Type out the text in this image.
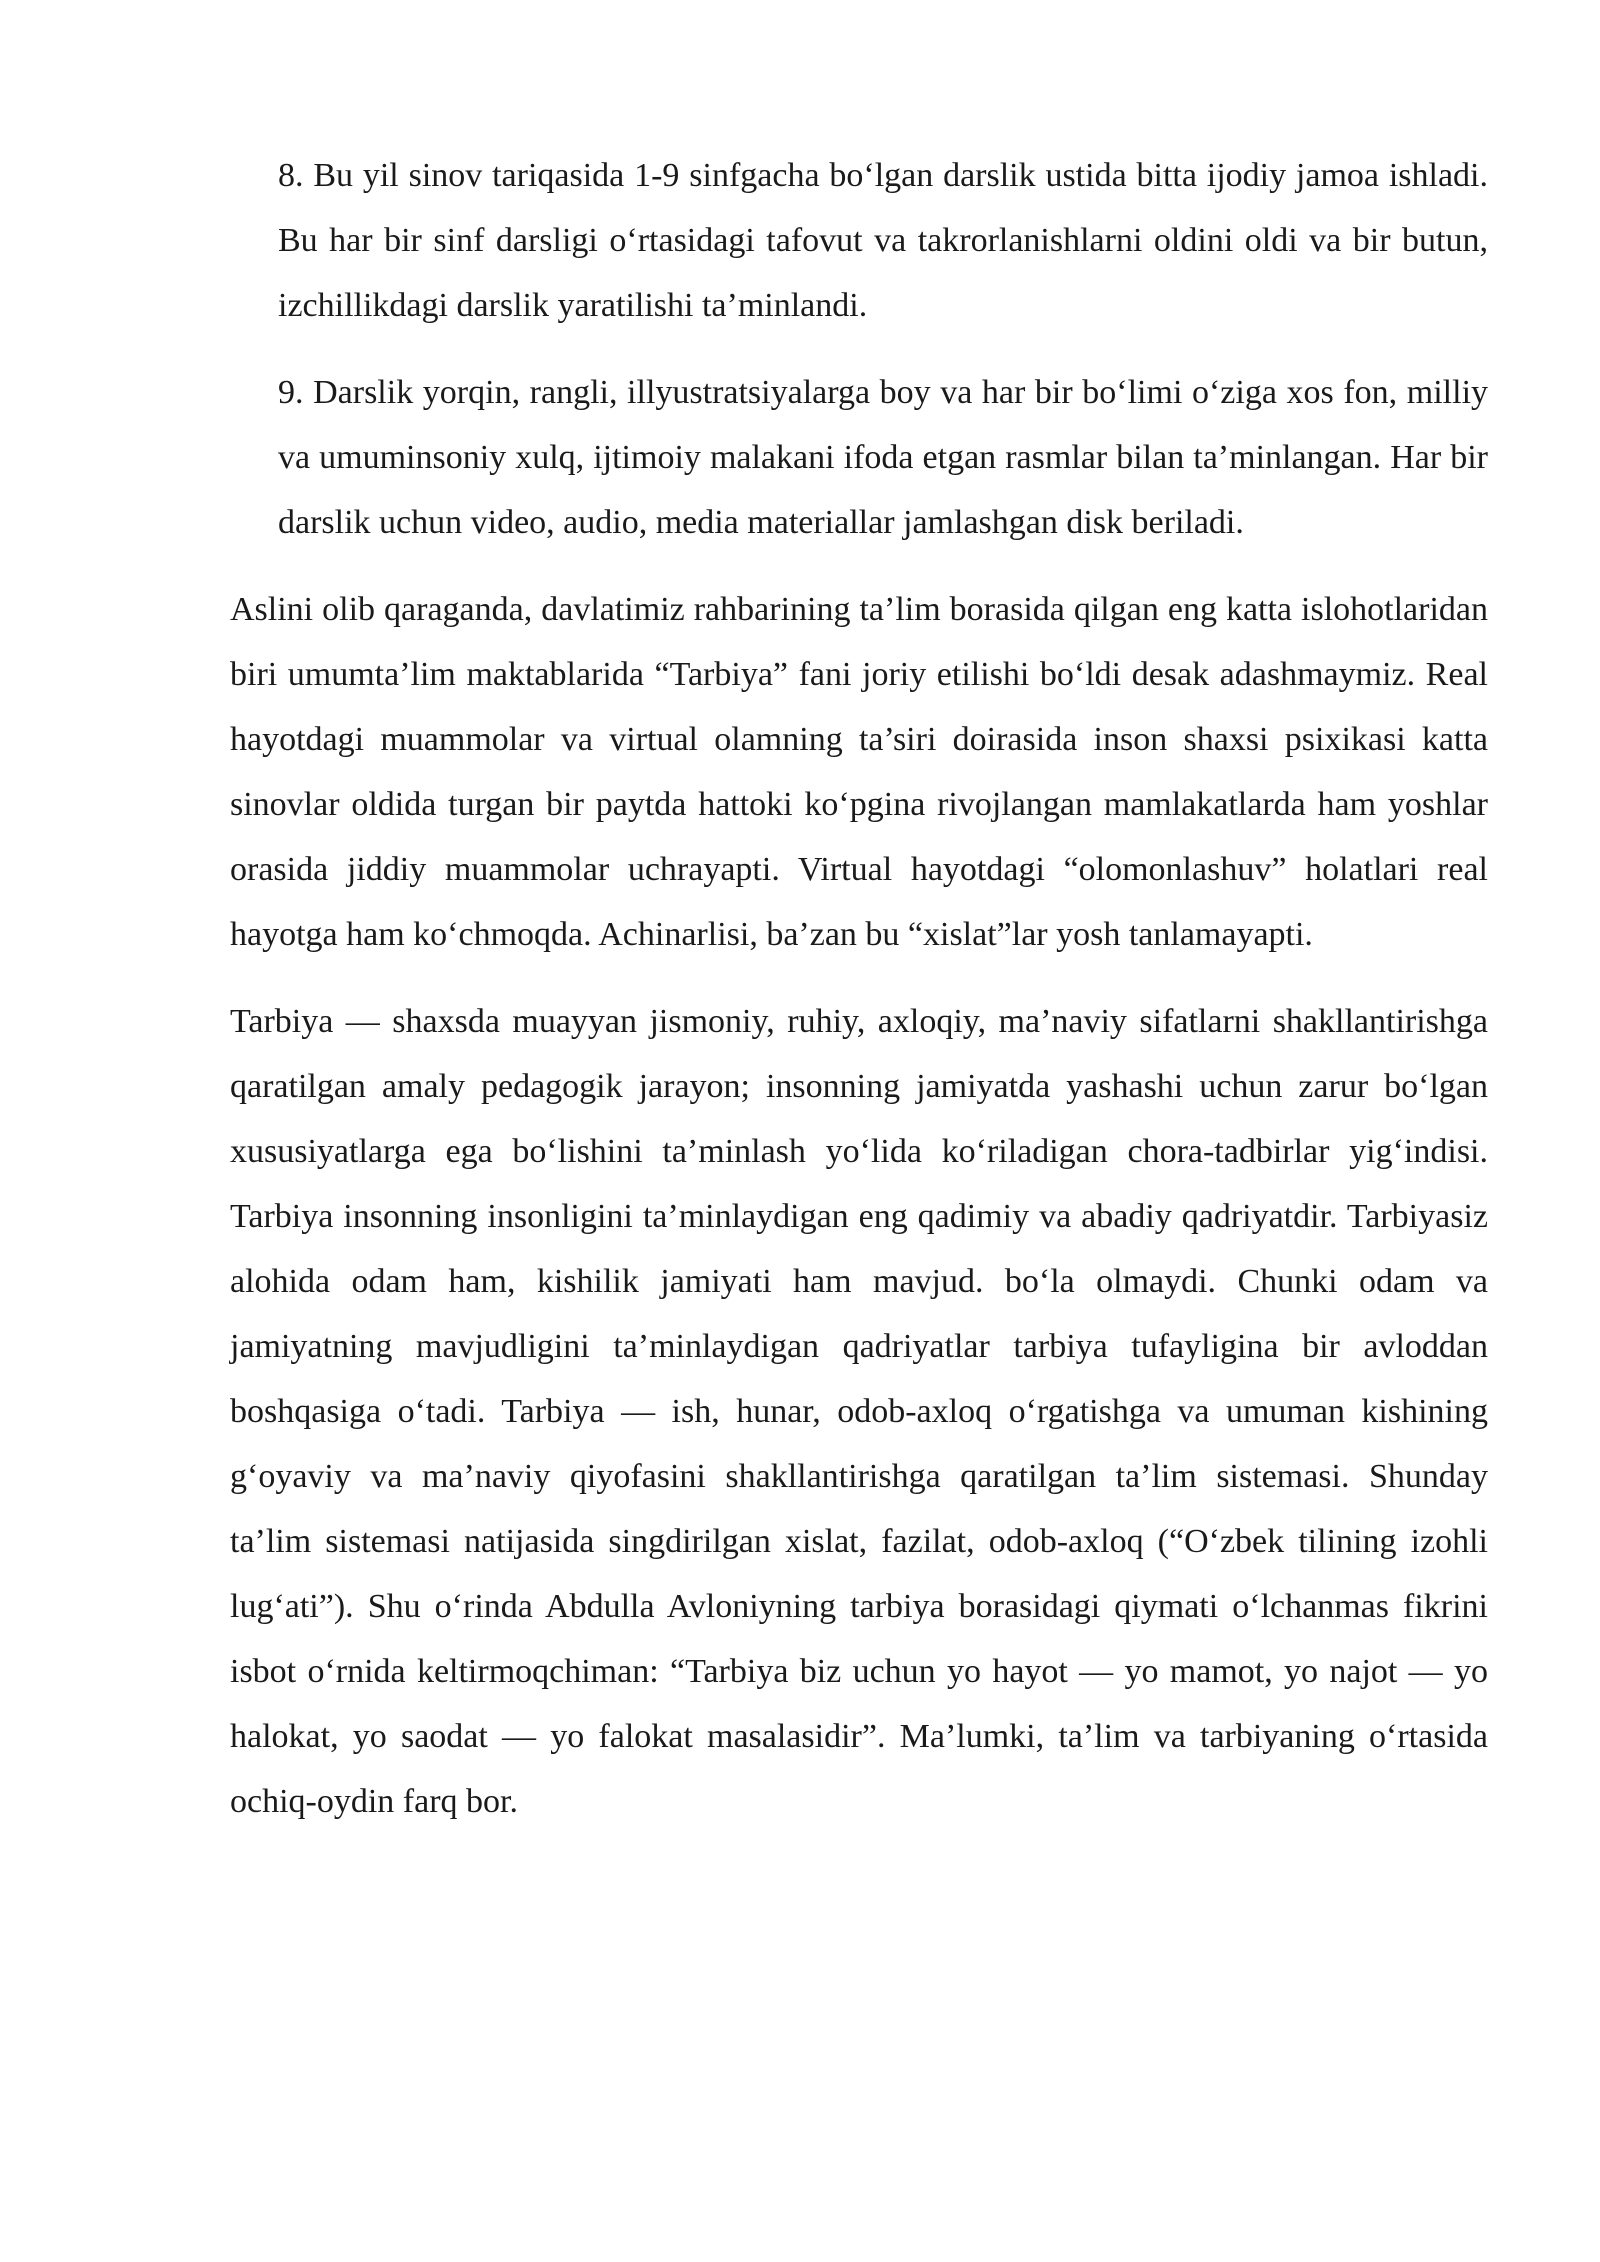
8. Bu yil sinov tariqasida 1-9 sinfgacha bo‘lgan darslik ustida bitta ijodiy jamoa ishladi. Bu har bir sinf darsligi o‘rtasidagi tafovut va takrorlanishlarni oldini oldi va bir butun, izchillikdagi darslik yaratilishi ta’minlandi.
9. Darslik yorqin, rangli, illyustratsiyalarga boy va har bir bo‘limi o‘ziga xos fon, milliy va umuminsoniy xulq, ijtimoiy malakani ifoda etgan rasmlar bilan ta’minlangan. Har bir darslik uchun video, audio, media materiallar jamlashgan disk beriladi.

Aslini olib qaraganda, davlatimiz rahbarining ta’lim borasida qilgan eng katta islohotlaridan biri umumta’lim maktablarida “Tarbiya” fani joriy etilishi bo‘ldi desak adashmaymiz. Real hayotdagi muammolar va virtual olamning ta’siri doirasida inson shaxsi psixikasi katta sinovlar oldida turgan bir paytda hattoki ko‘pgina rivojlangan mamlakatlarda ham yoshlar orasida jiddiy muammolar uchrayapti. Virtual hayotdagi “olomonlashuv” holatlari real hayotga ham ko‘chmoqda. Achinarlisi, ba’zan bu “xislat”lar yosh tanlamayapti.

Tarbiya — shaxsda muayyan jismoniy, ruhiy, axloqiy, ma’naviy sifatlarni shakllantirishga qaratilgan amaly pedagogik jarayon; insonning jamiyatda yashashi uchun zarur bo‘lgan xususiyatlarga ega bo‘lishini ta’minlash yo‘lida ko‘riladigan chora-tadbirlar yig‘indisi. Tarbiya insonning insonligini ta’minlaydigan eng qadimiy va abadiy qadriyatdir. Tarbiyasiz alohida odam ham, kishilik jamiyati ham mavjud. bo‘la olmaydi. Chunki odam va jamiyatning mavjudligini ta’minlaydigan qadriyatlar tarbiya tufayligina bir avloddan boshqasiga o‘tadi. Tarbiya — ish, hunar, odob-axloq o‘rgatishga va umuman kishining g‘oyaviy va ma’naviy qiyofasini shakllantirishga qaratilgan ta’lim sistemasi. Shunday ta’lim sistemasi natijasida singdirilgan xislat, fazilat, odob-axloq (“O‘zbek tilining izohli lug‘ati”). Shu o‘rinda Abdulla Avloniyning tarbiya borasidagi qiymati o‘lchanmas fikrini isbot o‘rnida keltirmoqchiman: “Tarbiya biz uchun yo hayot — yo mamot, yo najot — yo halokat, yo saodat — yo falokat masalasidir”. Ma’lumki, ta’lim va tarbiyaning o‘rtasida ochiq-oydin farq bor.
